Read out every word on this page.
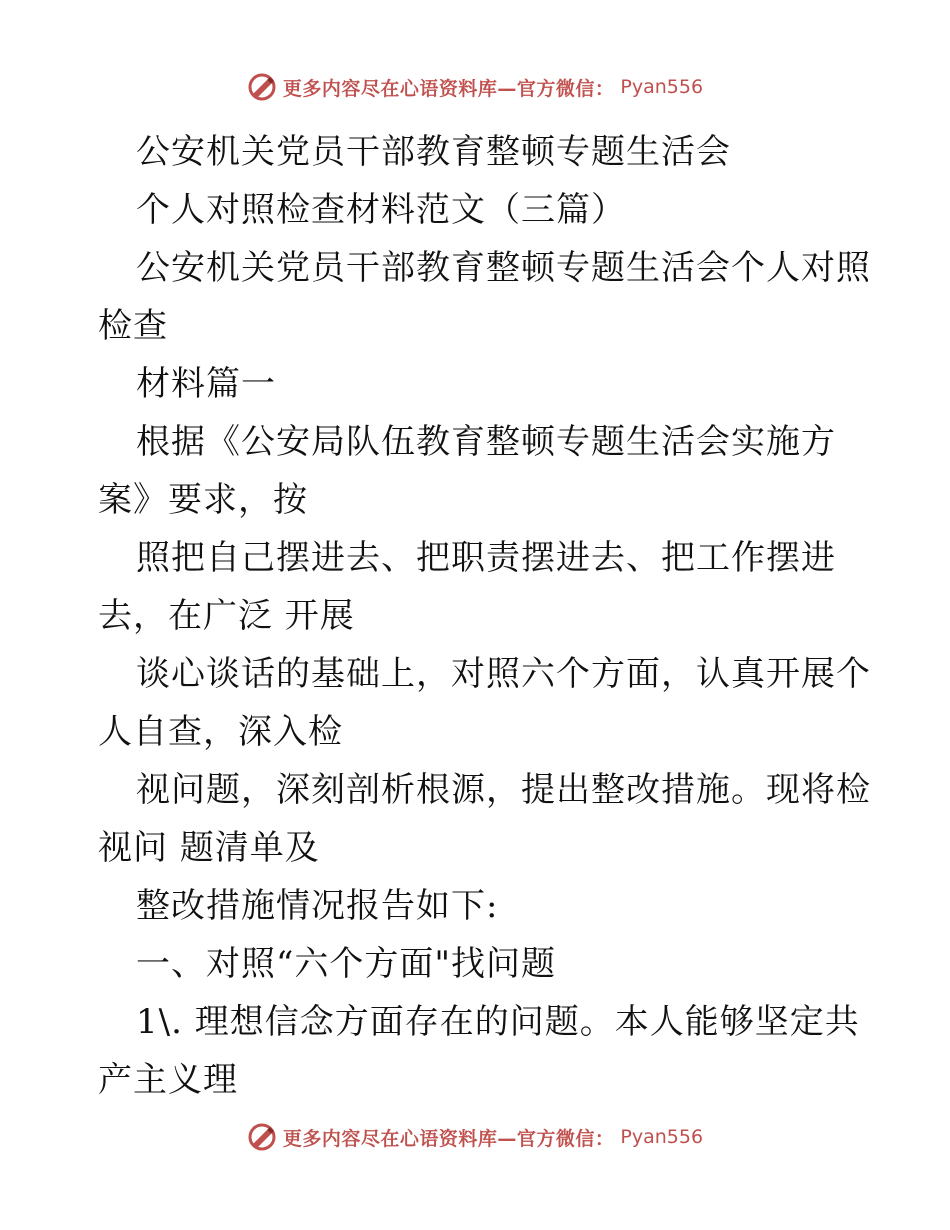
更多内容尽在心语资料库—官方微信： Pyan556
公安机关党员干部教育整顿专题生活会
个人对照检查材料范文（三篇）
公安机关党员干部教育整顿专题生活会个人对照
检查
材料篇一
根据《公安局队伍教育整顿专题生活会实施方
案》要求，按
照把自己摆进去、把职责摆进去、把工作摆进
去，在广泛 开展
谈心谈话的基础上，对照六个方面，认真开展个
人自查，深入检
视问题，深刻剖析根源，提出整改措施。现将检
视问 题清单及
整改措施情况报告如下:
一、对照“六个方面"找问题
1\. 理想信念方面存在的问题。本人能够坚定共
产主义理
更多内容尽在心语资料库—官方微信： Pyan556
